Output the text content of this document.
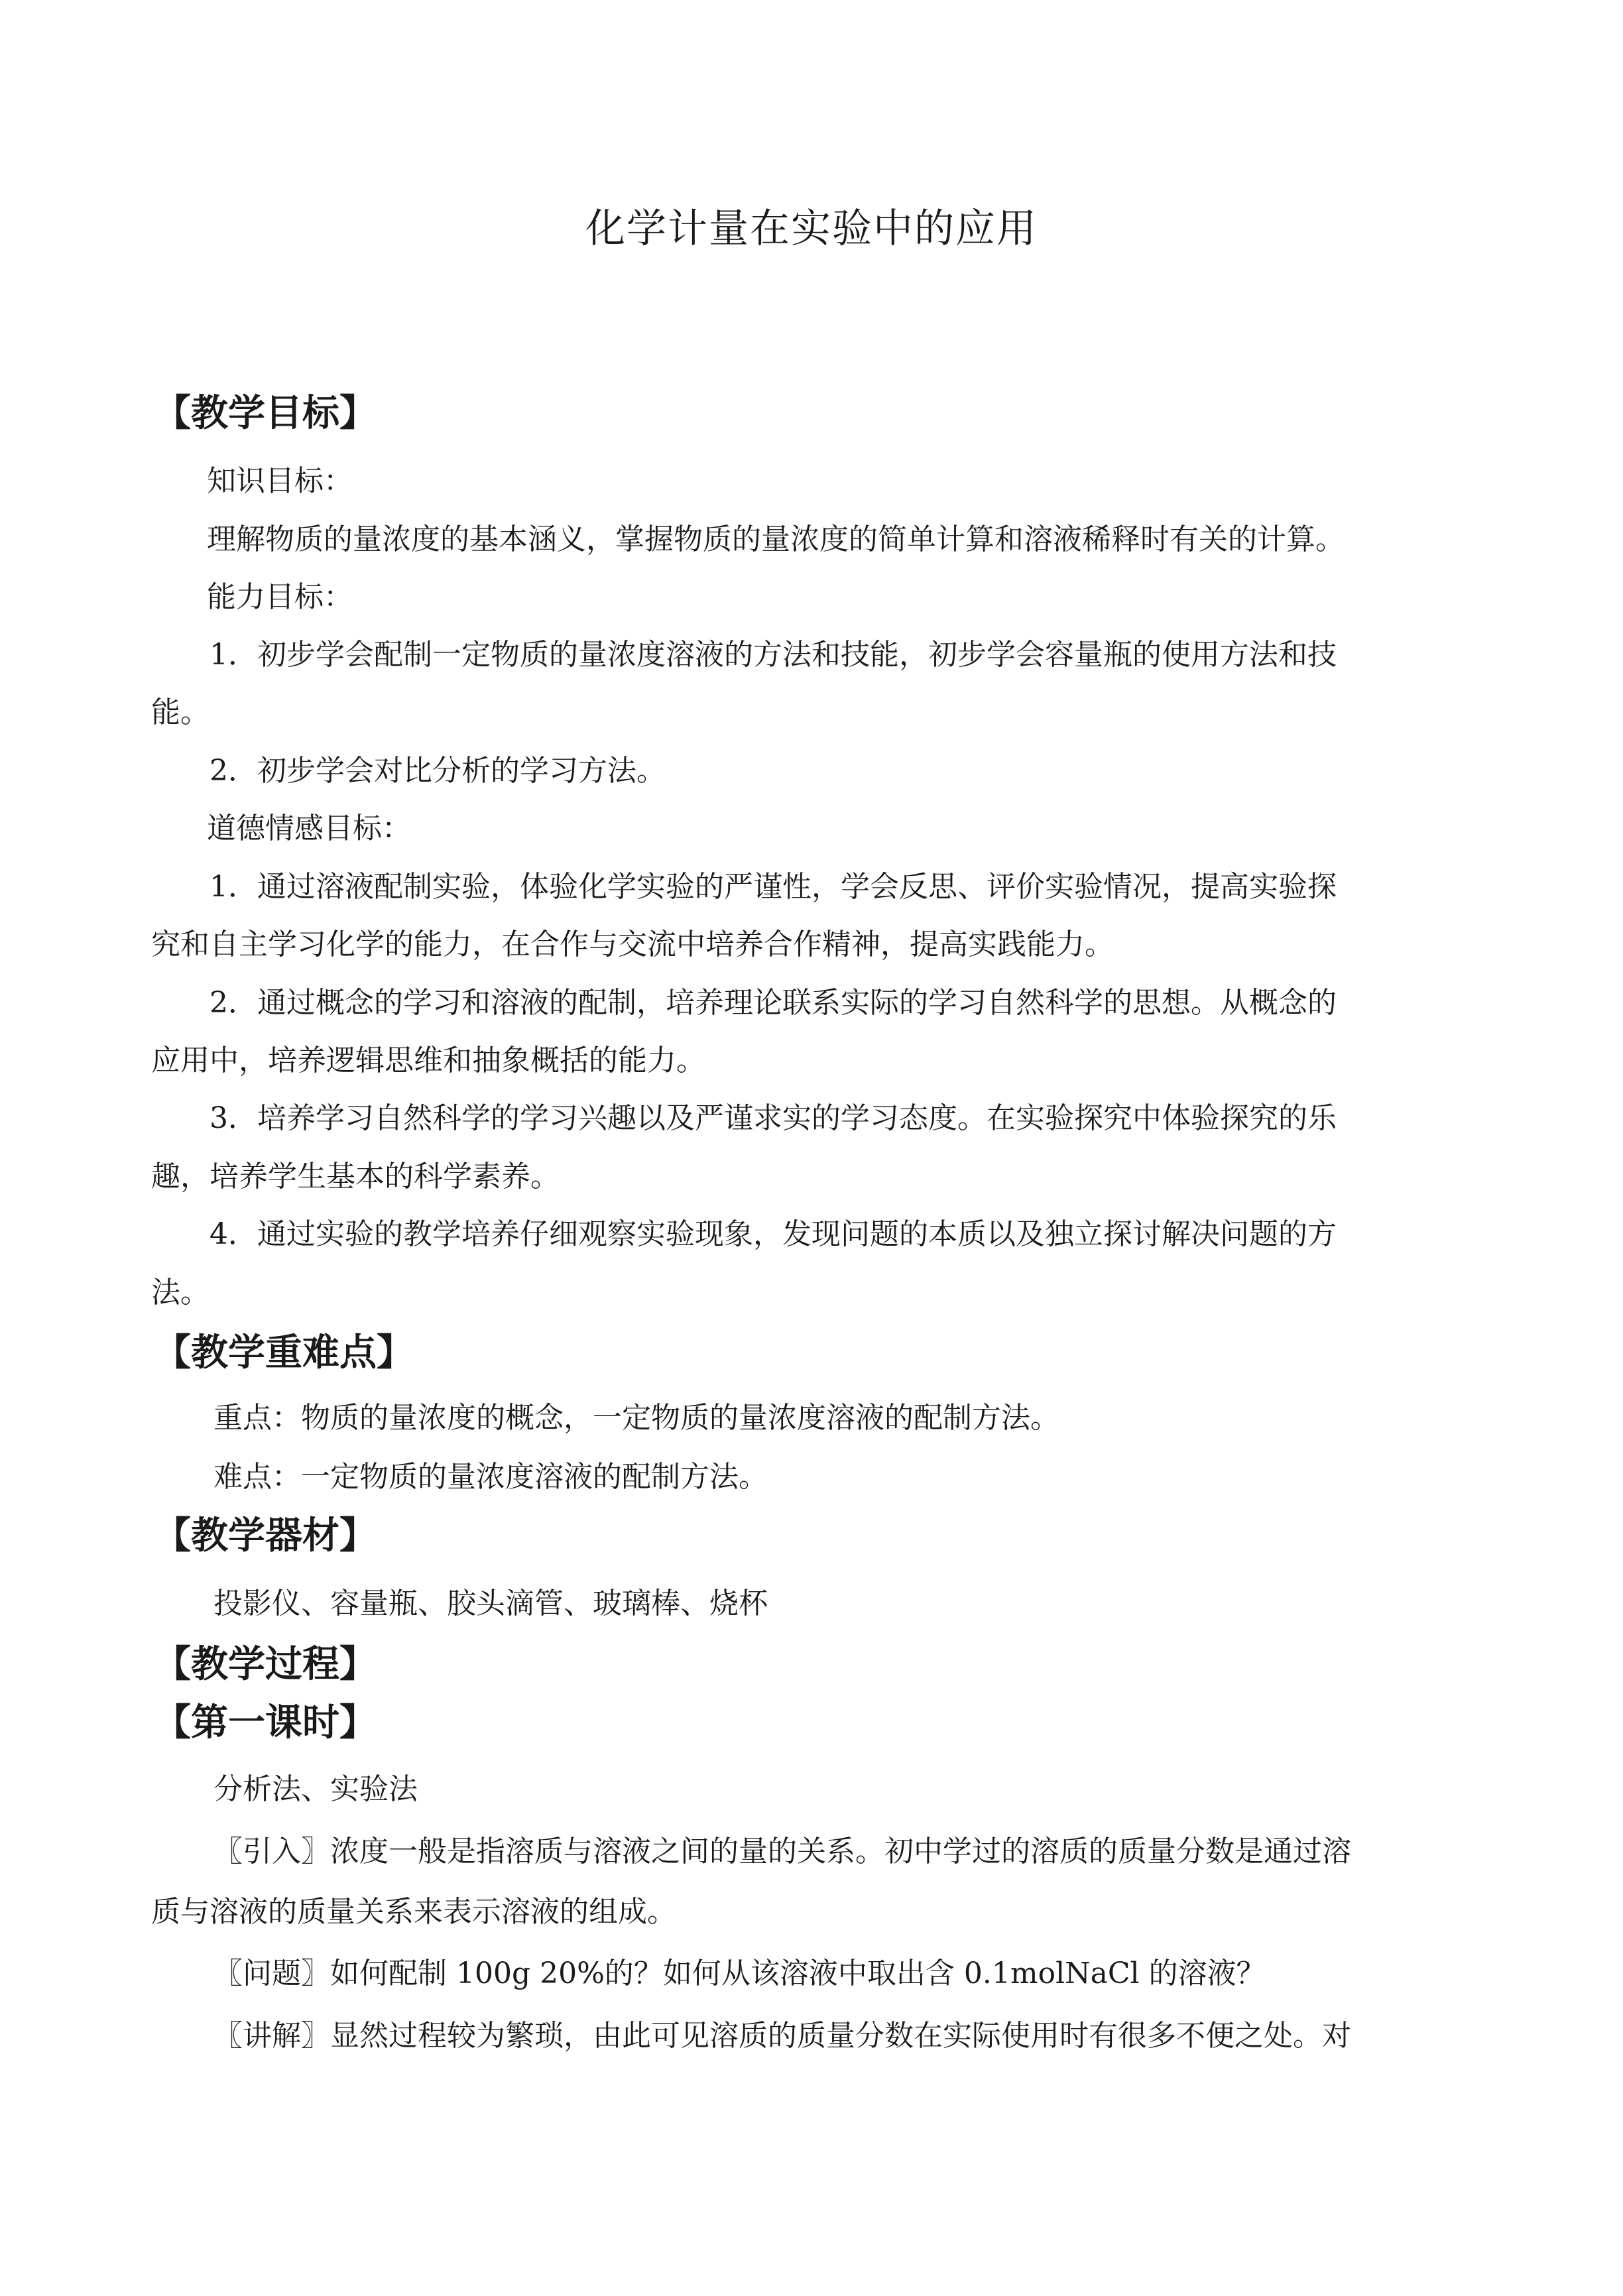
化学计量在实验中的应用
【教学目标】
知识目标：
理解物质的量浓度的基本涵义，掌握物质的量浓度的简单计算和溶液稀释时有关的计算。
能力目标：
1．初步学会配制一定物质的量浓度溶液的方法和技能，初步学会容量瓶的使用方法和技
能。
2．初步学会对比分析的学习方法。
道德情感目标：
1．通过溶液配制实验，体验化学实验的严谨性，学会反思、评价实验情况，提高实验探
究和自主学习化学的能力，在合作与交流中培养合作精神，提高实践能力。
2．通过概念的学习和溶液的配制，培养理论联系实际的学习自然科学的思想。从概念的
应用中，培养逻辑思维和抽象概括的能力。
3．培养学习自然科学的学习兴趣以及严谨求实的学习态度。在实验探究中体验探究的乐
趣，培养学生基本的科学素养。
4．通过实验的教学培养仔细观察实验现象，发现问题的本质以及独立探讨解决问题的方
法。
【教学重难点】
重点：物质的量浓度的概念，一定物质的量浓度溶液的配制方法。
难点：一定物质的量浓度溶液的配制方法。
【教学器材】
投影仪、容量瓶、胶头滴管、玻璃棒、烧杯
【教学过程】
【第一课时】
分析法、实验法
〖引入〗浓度一般是指溶质与溶液之间的量的关系。初中学过的溶质的质量分数是通过溶
质与溶液的质量关系来表示溶液的组成。
〖问题〗如何配制 100g 20%的？如何从该溶液中取出含 0.1molNaCl 的溶液？
〖讲解〗显然过程较为繁琐，由此可见溶质的质量分数在实际使用时有很多不便之处。对
